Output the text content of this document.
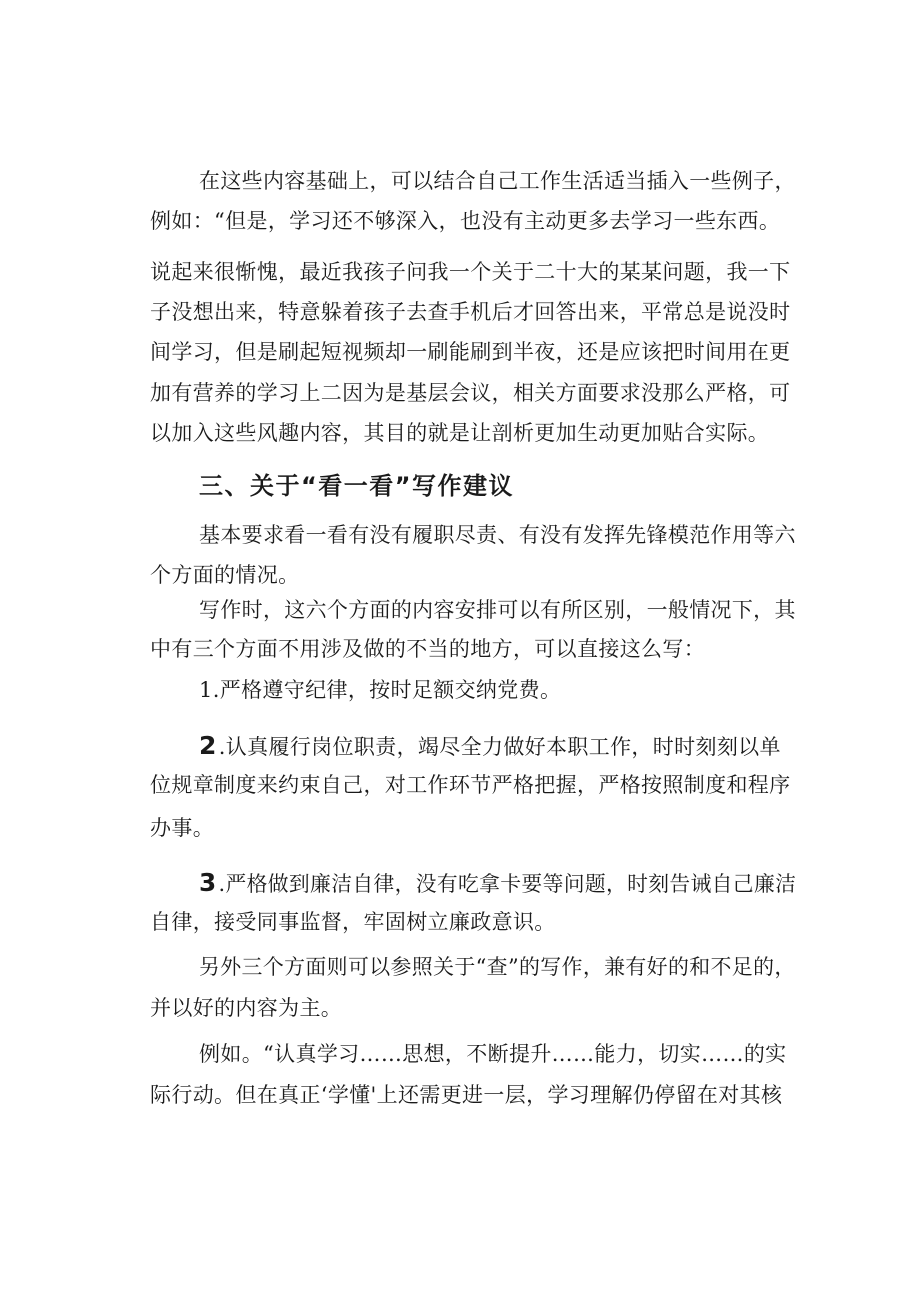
在这些内容基础上，可以结合自己工作生活适当插入一些例子，
例如：“但是，学习还不够深入，也没有主动更多去学习一些东西。
说起来很惭愧，最近我孩子问我一个关于二十大的某某问题，我一下
子没想出来，特意躲着孩子去查手机后才回答出来，平常总是说没时
间学习，但是刷起短视频却一刷能刷到半夜，还是应该把时间用在更
加有营养的学习上二因为是基层会议，相关方面要求没那么严格，可
以加入这些风趣内容，其目的就是让剖析更加生动更加贴合实际。
三、关于“看一看”写作建议
基本要求看一看有没有履职尽责、有没有发挥先锋模范作用等六
个方面的情况。
写作时，这六个方面的内容安排可以有所区别，一般情况下，其
中有三个方面不用涉及做的不当的地方，可以直接这么写：
1.严格遵守纪律，按时足额交纳党费。
2.认真履行岗位职责，竭尽全力做好本职工作，时时刻刻以单
位规章制度来约束自己，对工作环节严格把握，严格按照制度和程序
办事。
3.严格做到廉洁自律，没有吃拿卡要等问题，时刻告诫自己廉洁
自律，接受同事监督，牢固树立廉政意识。
另外三个方面则可以参照关于“查”的写作，兼有好的和不足的，
并以好的内容为主。
例如。“认真学习……思想，不断提升……能力，切实……的实
际行动。但在真正‘学懂'上还需更进一层，学习理解仍停留在对其核
